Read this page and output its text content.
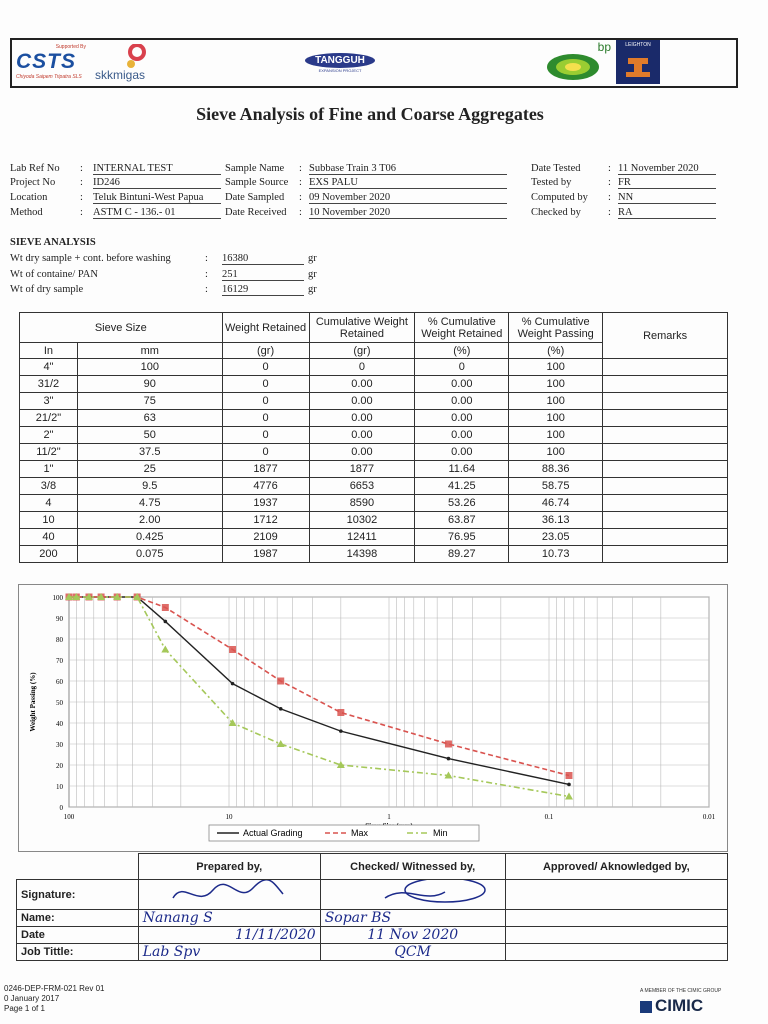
Supported By
CSTS
Chiyoda Saipem Tripatra SLS	skkmigas
TANGGUH
EXPANSION PROJECT
bp	LEIGHTON
Sieve Analysis of Fine and Coarse Aggregates
Lab Ref No : INTERNAL TEST
Project No : ID246
Location	: Teluk Bintuni-West Papua
Method	: ASTM C - 136.- 01
Sample Name : Subbase Train 3 T06
Sample Source : EXS PALU
Date Sampled : 09 November 2020
Date Received : 10 November 2020
Date Tested	: 11 November 2020
Tested by	: FR
Computed by : NN
Checked by	: RA
SIEVE ANALYSIS
Wt dry sample + cont. before washing	: 16380	gr
Wt of containe/ PAN	: 251	gr
Wt of dry sample	: 16129	gr
Sieve Size		Weight Retained	Cumulative Weight Retained	% Cumulative Weight Retained	% Cumulative Weight Passing	Remarks
In	mm	(gr)	(gr)	(%)	(%)	
4"	100	0	0	0	100	
31/2	90	0	0.00	0.00	100	
3"	75	0	0.00	0.00	100	
21/2"	63	0	0.00	0.00	100	
2"	50	0	0.00	0.00	100	
11/2"	37.5	0	0.00	0.00	100	
1"	25	1877	1877	11.64	88.36	
3/8	9.5	4776	6653	41.25	58.75	
4	4.75	1937	8590	53.26	46.74	
10	2.00	1712	10302	63.87	36.13	
40	0.425	2109	12411	76.95	23.05	
200	0.075	1987	14398	89.27	10.73	
0
10
20
30
40
50
60
70
80
90
100
100	10	1	0.1	0.01
Weight Passing (%)
Actual Grading	Max	Min
	Prepared by,	Checked/ Witnessed by,	Approved/ Aknowledged by,
Signature:			
Name:	Nanang S	Sopar BS	
Date	11/11/2020	11 Nov 2020	
Job Tittle:	Lab Spv	QCM	
0246-DEP-FRM-021 Rev 01
0 January 2017
Page 1 of 1
A MEMBER OF THE CIMIC GROUP
CIMIC
